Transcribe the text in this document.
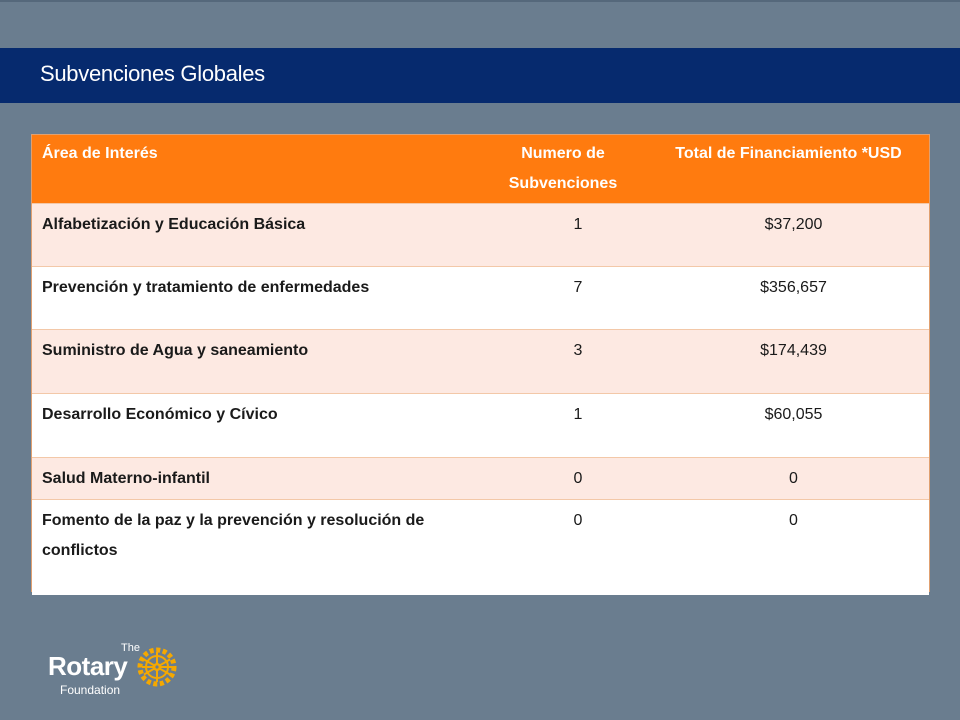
Subvenciones Globales
Área de Interés	Numero de Subvenciones	Total de Financiamiento *USD
Alfabetización y Educación Básica	1	$37,200
Prevención y tratamiento de enfermedades	7	$356,657
Suministro de Agua y saneamiento	3	$174,439
Desarrollo Económico y Cívico	1	$60,055
Salud Materno-infantil	0	0
Fomento de la paz y la prevención y resolución de conflictos	0	0
The
Rotary
Foundation
